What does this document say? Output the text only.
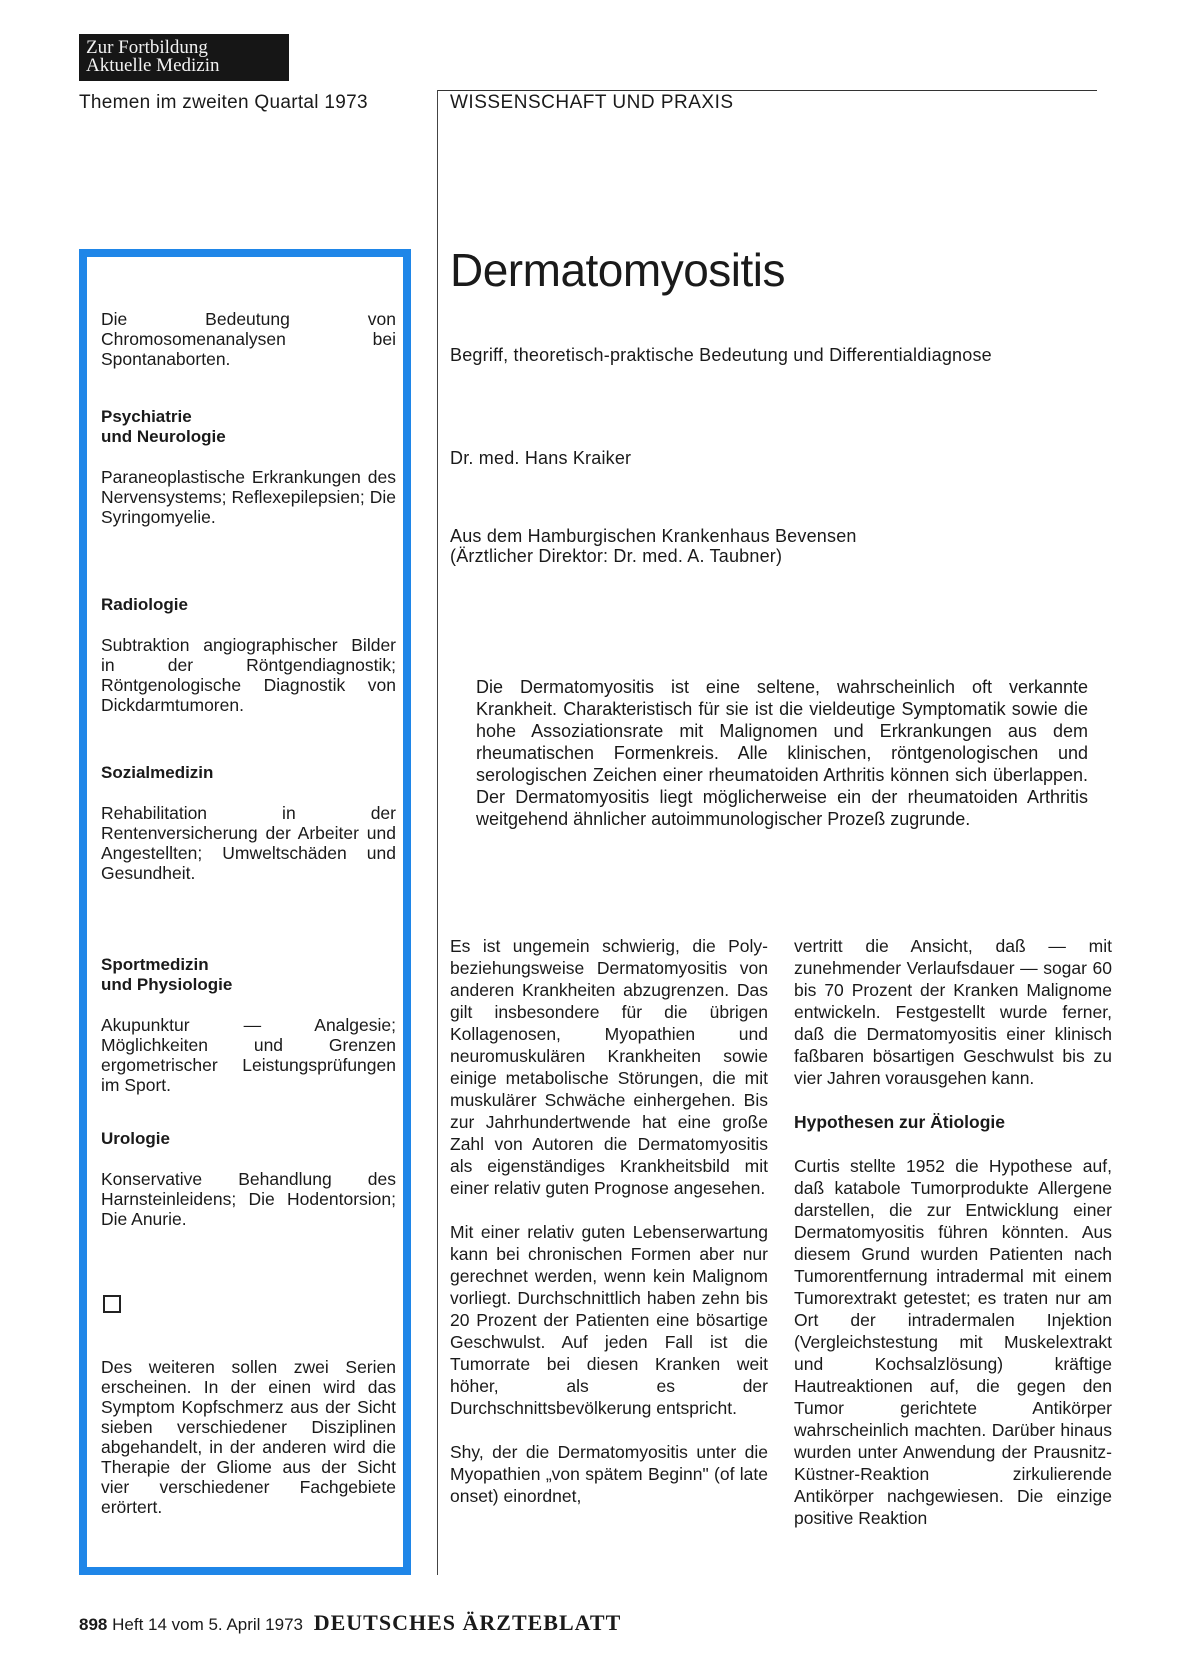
Zur Fortbildung
Aktuelle Medizin
Themen im zweiten Quartal 1973	WISSENSCHAFT UND PRAXIS

Die Bedeutung von Chromosomenanalysen bei Spontanaborten.

Psychiatrie

und Neurologie

Paraneoplastische Erkrankungen des Nervensystems; Reflexepilepsien; Die Syringomyelie.

Radiologie

Subtraktion angiographischer Bilder in der Röntgendiagnostik; Röntgenologische Diagnostik von Dickdarmtumoren.

Sozialmedizin

Rehabilitation in der Rentenversicherung der Arbeiter und Angestellten; Umweltschäden und Gesundheit.

Sportmedizin

und Physiologie

Akupunktur — Analgesie; Möglichkeiten und Grenzen ergometrischer Leistungsprüfungen im Sport.

Urologie

Konservative Behandlung des Harnsteinleidens; Die Hodentorsion; Die Anurie.

Des weiteren sollen zwei Serien erscheinen. In der einen wird das Symptom Kopfschmerz aus der Sicht sieben verschiedener Disziplinen abgehandelt, in der anderen wird die Therapie der Gliome aus der Sicht vier verschiedener Fachgebiete erörtert.

Dermatomyositis

Begriff, theoretisch-praktische Bedeutung und Differentialdiagnose

Dr. med. Hans Kraiker

Aus dem Hamburgischen Krankenhaus Bevensen
(Ärztlicher Direktor: Dr. med. A. Taubner)

Die Dermatomyositis ist eine seltene, wahrscheinlich oft verkannte Krankheit. Charakteristisch für sie ist die vieldeutige Symptomatik sowie die hohe Assoziationsrate mit Malignomen und Erkrankungen aus dem rheumatischen Formenkreis. Alle klinischen, röntgenologischen und serologischen Zeichen einer rheumatoiden Arthritis können sich überlappen. Der Dermatomyositis liegt möglicherweise ein der rheumatoiden Arthritis weitgehend ähnlicher autoimmunologischer Prozeß zugrunde.

Es ist ungemein schwierig, die Poly- beziehungsweise Dermatomyositis von anderen Krankheiten abzugrenzen. Das gilt insbesondere für die übrigen Kollagenosen, Myopathien und neuromuskulären Krankheiten sowie einige metabolische Störungen, die mit muskulärer Schwäche einhergehen. Bis zur Jahrhundertwende hat eine große Zahl von Autoren die Dermatomyositis als eigenständiges Krankheitsbild mit einer relativ guten Prognose angesehen.

Mit einer relativ guten Lebenserwartung kann bei chronischen Formen aber nur gerechnet werden, wenn kein Malignom vorliegt. Durchschnittlich haben zehn bis 20 Prozent der Patienten eine bösartige Geschwulst. Auf jeden Fall ist die Tumorrate bei diesen Kranken weit höher, als es der Durchschnittsbevölkerung entspricht.

Shy, der die Dermatomyositis unter die Myopathien „von spätem Beginn" (of late onset) einordnet,

vertritt die Ansicht, daß — mit zunehmender Verlaufsdauer — sogar 60 bis 70 Prozent der Kranken Malignome entwickeln. Festgestellt wurde ferner, daß die Dermatomyositis einer klinisch faßbaren bösartigen Geschwulst bis zu vier Jahren vorausgehen kann.

Hypothesen zur Ätiologie

Curtis stellte 1952 die Hypothese auf, daß katabole Tumorprodukte Allergene darstellen, die zur Entwicklung einer Dermatomyositis führen könnten. Aus diesem Grund wurden Patienten nach Tumorentfernung intradermal mit einem Tumorextrakt getestet; es traten nur am Ort der intradermalen Injektion (Vergleichstestung mit Muskelextrakt und Kochsalzlösung) kräftige Hautreaktionen auf, die gegen den Tumor gerichtete Antikörper wahrscheinlich machten. Darüber hinaus wurden unter Anwendung der Prausnitz-Küstner-Reaktion zirkulierende Antikörper nachgewiesen. Die einzige positive Reaktion

898 Heft 14 vom 5. April 1973 DEUTSCHES ÄRZTEBLATT
